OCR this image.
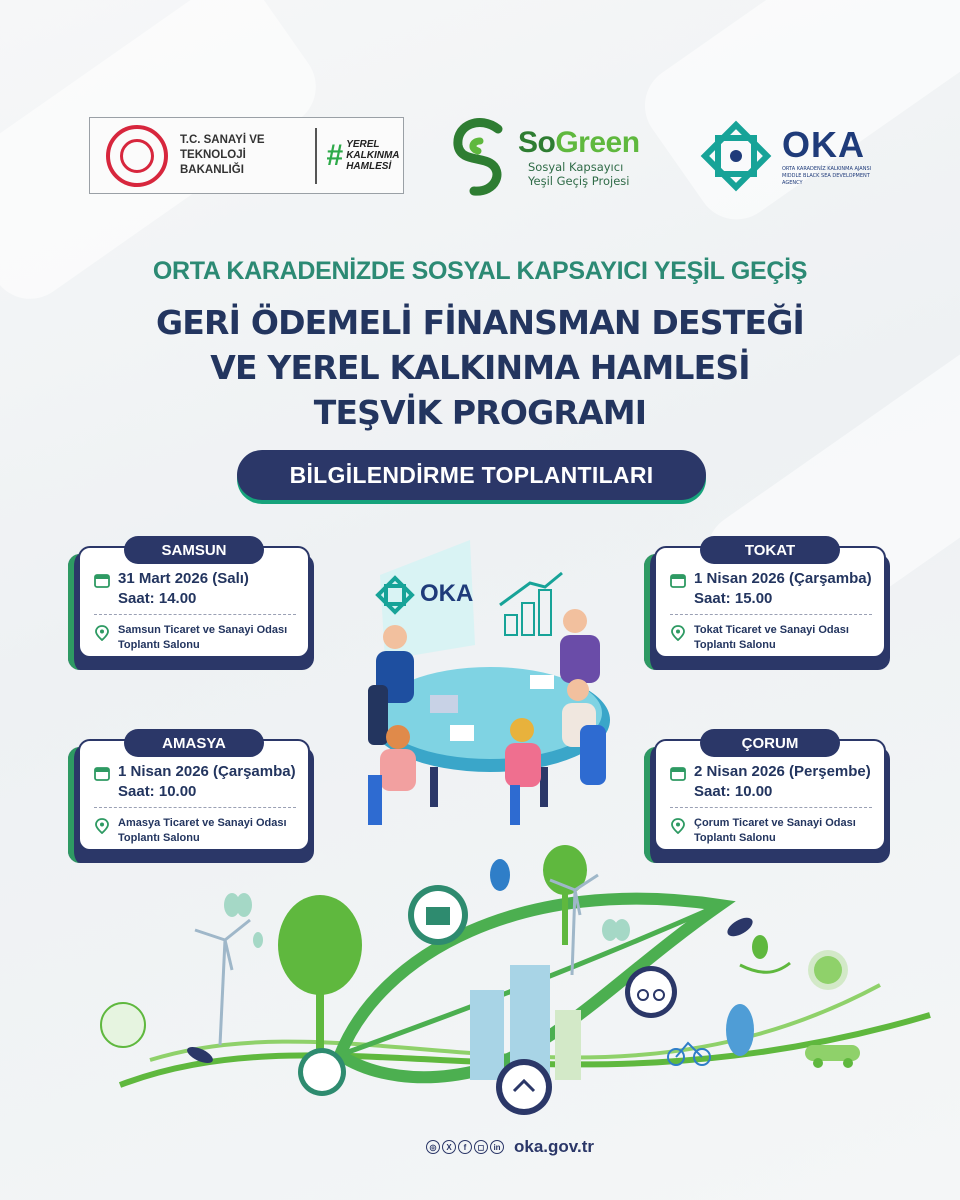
T.C. SANAYİ VE
TEKNOLOJİ BAKANLIĞI	# YEREL
KALKINMA
HAMLESİ
SoGreen
Sosyal Kapsayıcı
Yeşil Geçiş Projesi
OKA
ORTA KARADENİZ KALKINMA AJANSI
MIDDLE BLACK SEA DEVELOPMENT AGENCY
ORTA KARADENİZDE SOSYAL KAPSAYICI YEŞİL GEÇİŞ
GERİ ÖDEMELİ FİNANSMAN DESTEĞİ
VE YEREL KALKINMA HAMLESİ
TEŞVİK PROGRAMI
BİLGİLENDİRME TOPLANTILARI
OKA
SAMSUN
31 Mart 2026 (Salı)
Saat: 14.00
Samsun Ticaret ve Sanayi Odası
Toplantı Salonu
TOKAT
1 Nisan 2026 (Çarşamba)
Saat: 15.00
Tokat Ticaret ve Sanayi Odası
Toplantı Salonu
AMASYA
1 Nisan 2026 (Çarşamba)
Saat: 10.00
Amasya Ticaret ve Sanayi Odası
Toplantı Salonu
ÇORUM
2 Nisan 2026 (Perşembe)
Saat: 10.00
Çorum Ticaret ve Sanayi Odası
Toplantı Salonu
◎	X	f	◻	in oka.gov.tr
